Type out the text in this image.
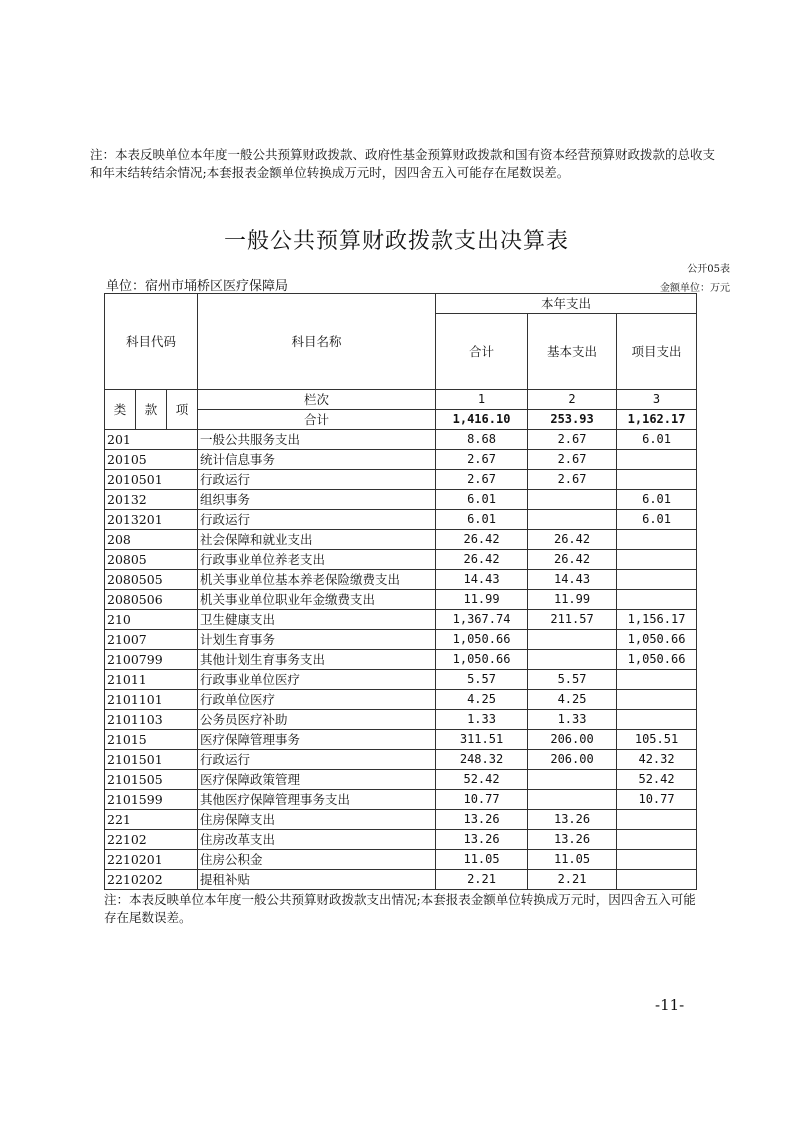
注：本表反映单位本年度一般公共预算财政拨款、政府性基金预算财政拨款和国有资本经营预算财政拨款的总收支和年末结转结余情况;本套报表金额单位转换成万元时，因四舍五入可能存在尾数误差。
一般公共预算财政拨款支出决算表
公开05表
单位：宿州市埇桥区医疗保障局	金额单位：万元
科目代码			科目名称	本年支出		
				合计	基本支出	项目支出
类	款	项	栏次	1	2	3
			合计	1,416.10	253.93	1,162.17
201			一般公共服务支出	8.68	2.67	6.01
20105			统计信息事务	2.67	2.67	
2010501			行政运行	2.67	2.67	
20132			组织事务	6.01		6.01
2013201			行政运行	6.01		6.01
208			社会保障和就业支出	26.42	26.42	
20805			行政事业单位养老支出	26.42	26.42	
2080505			机关事业单位基本养老保险缴费支出	14.43	14.43	
2080506			机关事业单位职业年金缴费支出	11.99	11.99	
210			卫生健康支出	1,367.74	211.57	1,156.17
21007			计划生育事务	1,050.66		1,050.66
2100799			其他计划生育事务支出	1,050.66		1,050.66
21011			行政事业单位医疗	5.57	5.57	
2101101			行政单位医疗	4.25	4.25	
2101103			公务员医疗补助	1.33	1.33	
21015			医疗保障管理事务	311.51	206.00	105.51
2101501			行政运行	248.32	206.00	42.32
2101505			医疗保障政策管理	52.42		52.42
2101599			其他医疗保障管理事务支出	10.77		10.77
221			住房保障支出	13.26	13.26	
22102			住房改革支出	13.26	13.26	
2210201			住房公积金	11.05	11.05	
2210202			提租补贴	2.21	2.21	
注：本表反映单位本年度一般公共预算财政拨款支出情况;本套报表金额单位转换成万元时，因四舍五入可能存在尾数误差。
-11-
